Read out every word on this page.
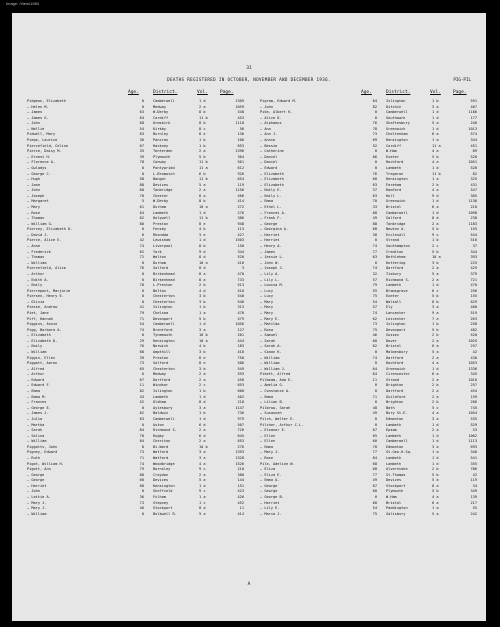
Image: /View/1983
31
DEATHS REGISTERED IN OCTOBER, NOVEMBER AND DECEMBER 1936.	PIG-PIL
Age.	District.	Vol.	Page.
Pidgeon, Elizabeth	0	Camberwell	1 d	1309
— Helen M.	0	Medway	2 a	1059
— James	63	W.Derby	8 b	348
— James G.	64	Cardiff	11 b	453
— John	68	Ormskirk	8 b	1118
— Nellie	54	Kirkby	8 c	56
Pidwell, Mary	63	Burnley	8 e	136
Piepe, Laurice	36	Pancras	1 b	106
Piercefield, Celine	67	Hackney	1 b	653
Pierce, Daisy M.	35	Tenterden	2 a	1396
— Ernest H.	39	Plymouth	5 b	364
— Florence A.	78	Conway	11 b	561
— Gwladys	0	Pontypridd	11 a	612
— George C.	0	L.Bromwich	6 b	926
— Hugh	58	Bangor	11 b	654
— Jane	88	Devizes	5 a	119
— John	60	Tonbridge	2 a	1156
— Joseph	70	Chester	8 a	466
— Margaret	5	W.Derby	8 b	414
— Mary	61	Durham	10 a	272
— Rose	64	Lambeth	1 d	276
— Thomas	62	Holywell	11 b	386
— William G.	80	Preston	8 e	948
Piercey, Elizabeth D.	0	Fensby	4 b	113
— David J.	0	Rhondda	3 e	427
Pierce, Alice E.	42	Lewisham	1 d	1503
— Anne	74	Liverpool	8 b	150
— Frederick	62	York	9 d	344
— Thomas	72	Walton	8 d	520
— William	0	Durham	10 a	410
Piercefield, Alice	76	Salford	8 d	3
— Arthur	0	Birkenhead	8 a	470
— Edith A.	0	Birkenhead	8 a	733
— Emily	78	L.Preston	2 b	513
Pierrepont, Marjorie	0	Belton	4 d	510
Piersen, Henry E.	0	Chesterton	3 b	540
— Olivia	0	Chesterton	3 b	546
Piesse, Andrew	41	Islington	1 b	313
Piet, Jane	79	Chelsea	1 a	478
Piff, Hannah	71	Devonport	5 b	479
Piggins, Annie	54	Camberwell	1 d	1056
Pigg, Barbara A.	74	Brentford	3 a	127
— Elizabeth	0	Tynemouth	10 b	261
— Elizabeth D.	29	Kensington	10 a	444
— Emily	76	Norwich	4 b	183
— William	68	Ampthill	3 b	410
Piggin, Ellen	39	Preston	8 e	750
Piggott, Aaron	73	Salford	8 e	586
— Alfred	65	Chesterton	3 b	549
— Arthur	0	Medway	2 a	593
— Edward	67	Dartford	2 a	456
— Edward F.	11	Windsor	2 c	653
— Emma	82	Islington	1 b	660
— Emma M.	43	Lambeth	1 d	462
— Frances	52	Oldham	8 d	218
— George E.	0	Aylesbury	3 a	1147
— James J.	62	Baldwin	1 b	736
— Julia	63	Camberwell	1 d	979
— Martha	0	Aston	6 d	507
— Sarah	84	Richmond S.	2 a	726
— Selina	70	Rugby	6 d	645
— William	84	Cheriton	2 a	653
Piggotts, John	0	Bi.Ward	10 b	276
Pigney, Edward	73	Watford	3 a	1393
— Ruth	71	Watford	3 a	1328
Pigot, William H.	74	Woodbridge	4 a	1526
Pigott, Ann	79	Barnsley	9 c	210
— George	80	Croydon	2 a	380
— George	60	Devizes	5 a	144
— Harriet	60	Kensington	1 a	151
— John	0	Sheffield	9 c	423
— Lottie A.	36	Fulham	1 a	426
— Mary J.	73	Stepney	1 c	452
— Mary J.	46	Stockport	8 a	11
— William	0	Bolkwell R.	9 a	414
Age.	District.	Vol.	Page.
Pigram, Edward M.	84	Islington	1 b	591
— John	82	Ditchin	3 a	407
Pike, Albert K.	0	Camberwell	1 d	1186
— Alice D.	0	Southwark	1 d	177
— Alphaeus	76	Shaftesbury	5 a	246
— Ann	78	Greenwich	1 d	1013
— Ann J.	73	Cheltenham	6 a	574
— Annie	69	Kensington	1 a	344
— Bessie	52	Cardiff	11 a	451
— Catherine	0	W.Ham	4 a	89
— Daniel	66	Exeter	5 b	520
— Daniel	0	Rochford	4 a	1051
— Edward	0	Lambeth	1 d	520
— Elizabeth	76	Tregaron	11 b	82
— Elizabeth	60	Kensington	1 a	325
— Elizabeth	63	Fareham	2 b	431
— Emily E.	37	Romford	4 a	547
— Emily L.	63	Hull	9 d	305
— Emma	70	Greenwich	1 d	1136
— Ethel L.	33	Bristol	6 a	210
— Frances A.	68	Camberwell	1 d	1098
— Frank F.	49	Salford	8 d	230
— George	88	Tonbridge	2 a	1183
— Georgina A.	68	Newton A.	5 b	155
— Harriet	30	Ecclesall	9 c	544
— Harriet	0	Strand	1 b	516
— Henry A.	74	Southampton	2 c	37
— James	77	Crediton	5 b	344
— Jessie L.	63	Bethlehem	10 a	393
— John W.	0	Kettering	3 b	225
— Joseph J.	74	Dartford	2 a	429
— Lily A.	32	Tisbury	5 a	379
— Lily L.	57	Richmond S.	2 a	721
— Louisa M.	79	Lambeth	1 d	470
— Lucy	55	Bromsgrove	6 c	256
— Lucy	75	Exeter	5 b	155
— Mary	54	Walsall	6 b	629
— Mary	57	Ely	3 a	460
— Mary	74	Lancaster	9 a	519
— Mary E.	62	Leicester	7 a	263
— Matilda	73	Islington	1 b	258
— Rosa	75	Devonport	5 b	482
— Samuel	46	Sussex	2 b	520
— Sarah	60	Dover	2 a	1025
— Sarah A.	62	Bristol	6 a	257
— Simon K.	0	Malmesbury	5 a	42
— William	74	Dartford	2 a	430
— William	0	Rochford	4 a	1053
— William J.	64	Greenwich	1 d	1336
Pikett, Alfred	64	Cirencester	6 a	345
Pilbeam, Ada E.	11	Strood	2 a	1010
— Amelia G.	0	Brighton	2 b	257
— Constance A.	0	Dartford	2 a	454
— Emma	71	Guildford	2 a	159
— Lilian B.	0	Brighton	2 b	266
Pilbrow, Sarah	48	Bath	5 c	745
— Susannah	49	Bury St.E.	4 a	1054
Pilch, Walter E.	0	Edmonton	3 a	535
Pilcher, Arthur C.L.	0	Lambeth	1 d	529
— Eleanor E.	67	Epsom	2 a	53
— Ellen	65	Lambeth	1 d	1062
— Ellen	60	Camberwell	1 d	1113
— Emma	70	Edmonton	3 a	693
— Mary J.	77	St.Geo.H.Sq.	1 a	340
— Rose	84	Lambeth	1 d	541
Pile, Adeline W.	68	Lambeth	1 d	355
— Eliza	68	Alverstoke	2 b	786
— Eliza E.	77	St.Thomas	5 b	42
— Emma A.	49	Devizes	5 a	119
— George	67	Stockport	8 a	34
— George	60	Plymouth	5 b	349
— George B.	0	W.Ham	4 a	139
— Harriet	60	Bristol	6 a	217
— Lily E.	54	Paddington	1 a	55
— Maria J.	75	Salisbury	5 a	242
A
